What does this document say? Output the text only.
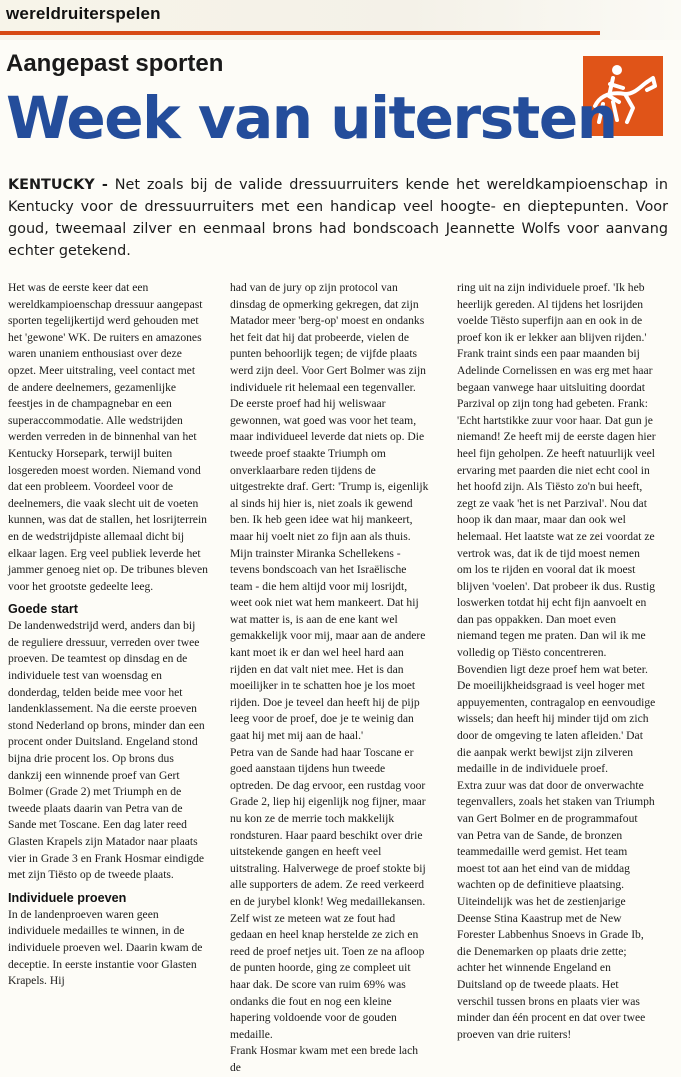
wereldruiterspelen
Aangepast sporten
Week van uitersten
KENTUCKY - Net zoals bij de valide dressuurruiters kende het wereldkampioenschap in Kentucky voor de dressuurruiters met een handicap veel hoogte- en dieptepunten. Voor goud, tweemaal zilver en eenmaal brons had bondscoach Jeannette Wolfs voor aanvang echter getekend.

Het was de eerste keer dat een wereldkampioenschap dressuur aangepast sporten tegelijkertijd werd gehouden met het 'gewone' WK. De ruiters en amazones waren unaniem enthousiast over deze opzet. Meer uitstraling, veel contact met de andere deelnemers, gezamenlijke feestjes in de champagnebar en een superaccommodatie. Alle wedstrijden werden verreden in de binnenhal van het Kentucky Horsepark, terwijl buiten losgereden moest worden. Niemand vond dat een probleem. Voordeel voor de deelnemers, die vaak slecht uit de voeten kunnen, was dat de stallen, het losrijterrein en de wedstrijdpiste allemaal dicht bij elkaar lagen. Erg veel publiek leverde het jammer genoeg niet op. De tribunes bleven voor het grootste gedeelte leeg.

Goede start

De landenwedstrijd werd, anders dan bij de reguliere dressuur, verreden over twee proeven. De teamtest op dinsdag en de individuele test van woensdag en donderdag, telden beide mee voor het landenklassement. Na die eerste proeven stond Nederland op brons, minder dan een procent onder Duitsland. Engeland stond bijna drie procent los. Op brons dus dankzij een winnende proef van Gert Bolmer (Grade 2) met Triumph en de tweede plaats daarin van Petra van de Sande met Toscane. Een dag later reed Glasten Krapels zijn Matador naar plaats vier in Grade 3 en Frank Hosmar eindigde met zijn Tiësto op de tweede plaats.

Individuele proeven

In de landenproeven waren geen individuele medailles te winnen, in de individuele proeven wel. Daarin kwam de deceptie. In eerste instantie voor Glasten Krapels. Hij

had van de jury op zijn protocol van dinsdag de opmerking gekregen, dat zijn Matador meer 'berg-op' moest en ondanks het feit dat hij dat probeerde, vielen de punten behoorlijk tegen; de vijfde plaats werd zijn deel. Voor Gert Bolmer was zijn individuele rit helemaal een tegenvaller. De eerste proef had hij weliswaar gewonnen, wat goed was voor het team, maar individueel leverde dat niets op. Die tweede proef staakte Triumph om onverklaarbare reden tijdens de uitgestrekte draf. Gert: 'Trump is, eigenlijk al sinds hij hier is, niet zoals ik gewend ben. Ik heb geen idee wat hij mankeert, maar hij voelt niet zo fijn aan als thuis. Mijn trainster Miranka Schellekens - tevens bondscoach van het Israëlische team - die hem altijd voor mij losrijdt, weet ook niet wat hem mankeert. Dat hij wat matter is, is aan de ene kant wel gemakkelijk voor mij, maar aan de andere kant moet ik er dan wel heel hard aan rijden en dat valt niet mee. Het is dan moeilijker in te schatten hoe je los moet rijden. Doe je teveel dan heeft hij de pijp leeg voor de proef, doe je te weinig dan gaat hij met mij aan de haal.'

Petra van de Sande had haar Toscane er goed aanstaan tijdens hun tweede optreden. De dag ervoor, een rustdag voor Grade 2, liep hij eigenlijk nog fijner, maar nu kon ze de merrie toch makkelijk rondsturen. Haar paard beschikt over drie uitstekende gangen en heeft veel uitstraling. Halverwege de proef stokte bij alle supporters de adem. Ze reed verkeerd en de jurybel klonk! Weg medaillekansen. Zelf wist ze meteen wat ze fout had gedaan en heel knap herstelde ze zich en reed de proef netjes uit. Toen ze na afloop de punten hoorde, ging ze compleet uit haar dak. De score van ruim 69% was ondanks die fout en nog een kleine hapering voldoende voor de gouden medaille.

Frank Hosmar kwam met een brede lach de

ring uit na zijn individuele proef. 'Ik heb heerlijk gereden. Al tijdens het losrijden voelde Tiësto superfijn aan en ook in de proef kon ik er lekker aan blijven rijden.' Frank traint sinds een paar maanden bij Adelinde Cornelissen en was erg met haar begaan vanwege haar uitsluiting doordat Parzival op zijn tong had gebeten. Frank: 'Echt hartstikke zuur voor haar. Dat gun je niemand! Ze heeft mij de eerste dagen hier heel fijn geholpen. Ze heeft natuurlijk veel ervaring met paarden die niet echt cool in het hoofd zijn. Als Tiësto zo'n bui heeft, zegt ze vaak 'het is net Parzival'. Nou dat hoop ik dan maar, maar dan ook wel helemaal. Het laatste wat ze zei voordat ze vertrok was, dat ik de tijd moest nemen om los te rijden en vooral dat ik moest blijven 'voelen'. Dat probeer ik dus. Rustig loswerken totdat hij echt fijn aanvoelt en dan pas oppakken. Dan moet even niemand tegen me praten. Dan wil ik me volledig op Tiësto concentreren. Bovendien ligt deze proef hem wat beter. De moeilijkheidsgraad is veel hoger met appuyementen, contragalop en eenvoudige wissels; dan heeft hij minder tijd om zich door de omgeving te laten afleiden.' Dat die aanpak werkt bewijst zijn zilveren medaille in de individuele proef.

Extra zuur was dat door de onverwachte tegenvallers, zoals het staken van Triumph van Gert Bolmer en de programmafout van Petra van de Sande, de bronzen teammedaille werd gemist. Het team moest tot aan het eind van de middag wachten op de definitieve plaatsing. Uiteindelijk was het de zestienjarige Deense Stina Kaastrup met de New Forester Labbenhus Snoevs in Grade Ib, die Denemarken op plaats drie zette; achter het winnende Engeland en Duitsland op de tweede plaats. Het verschil tussen brons en plaats vier was minder dan één procent en dat over twee proeven van drie ruiters!
